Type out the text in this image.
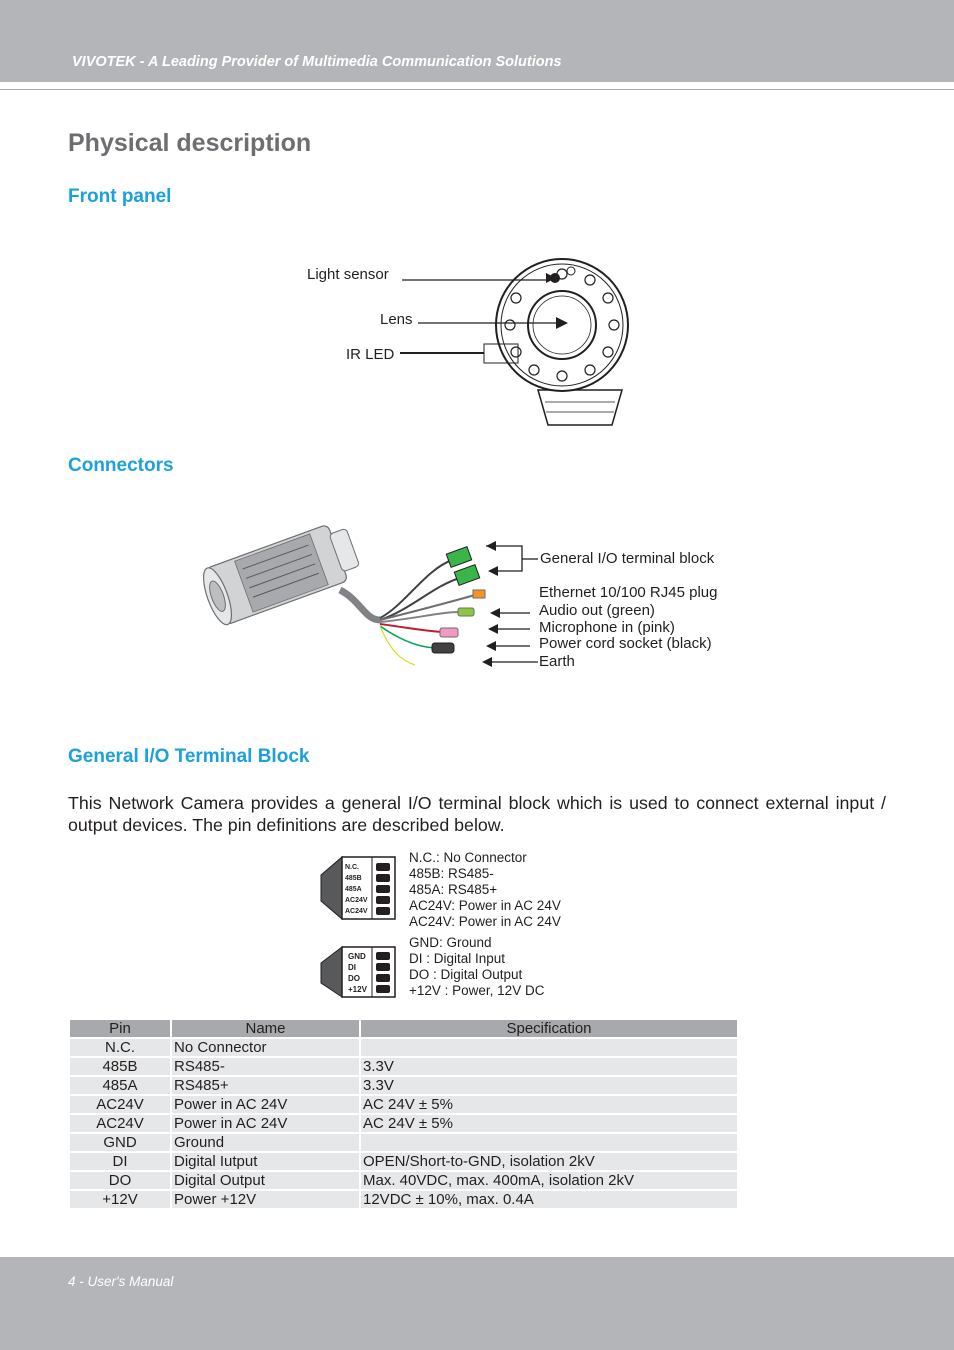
VIVOTEK - A Leading Provider of Multimedia Communication Solutions
Physical description
Front panel
Light sensor
Lens
IR LED
Connectors
General I/O terminal block
Ethernet 10/100 RJ45 plug
Audio out (green)
Microphone in (pink)
Power cord socket (black)
Earth
General I/O Terminal Block
This Network Camera provides a general I/O terminal block which is used to connect external input / output devices. The pin definitions are described below.
N.C.
485B
485A
AC24V
AC24V
N.C.: No Connector
485B: RS485-
485A: RS485+
AC24V: Power in AC 24V
AC24V: Power in AC 24V
GND
DI
DO
+12V
GND: Ground
DI : Digital Input
DO : Digital Output
+12V : Power, 12V DC
Pin	Name	Specification
N.C.	No Connector	
485B	RS485-	3.3V
485A	RS485+	3.3V
AC24V	Power in AC 24V	AC 24V ± 5%
AC24V	Power in AC 24V	AC 24V ± 5%
GND	Ground	
DI	Digital Iutput	OPEN/Short-to-GND, isolation 2kV
DO	Digital Output	Max. 40VDC, max. 400mA, isolation 2kV
+12V	Power +12V	12VDC ± 10%, max. 0.4A
4 - User's Manual
